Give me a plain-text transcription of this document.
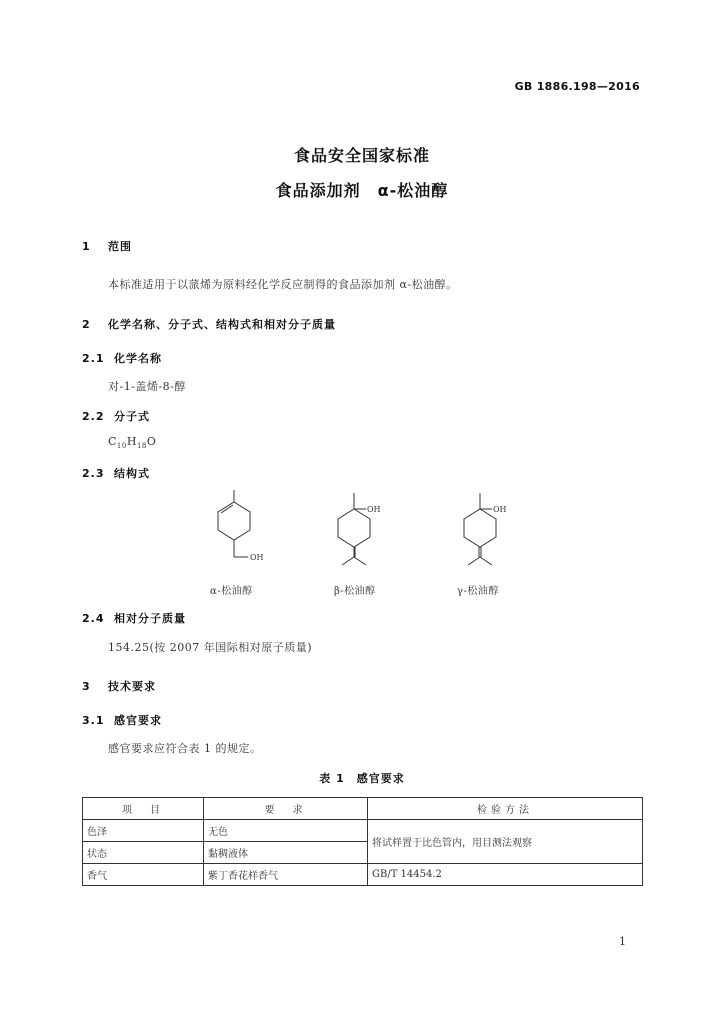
GB 1886.198—2016
食品安全国家标准
食品添加剂　α-松油醇
1 范围
本标准适用于以蒎烯为原料经化学反应制得的食品添加剂 α-松油醇。
2 化学名称、分子式、结构式和相对分子质量
2.1 化学名称
对-1-盖烯-8-醇
2.2 分子式
$C_{10}H_{18}O$
2.3 结构式
OH
OH	OH
α-松油醇	β-松油醇	γ-松油醇
2.4 相对分子质量
154.25(按 2007 年国际相对原子质量)
3 技术要求
3.1 感官要求
感官要求应符合表 1 的规定。
表 1　感官要求
项　目	要　求	检验方法
色泽	无色	将试样置于比色管内，用目测法观察
状态	黏稠液体	
香气	紫丁香花样香气	GB/T 14454.2
1
